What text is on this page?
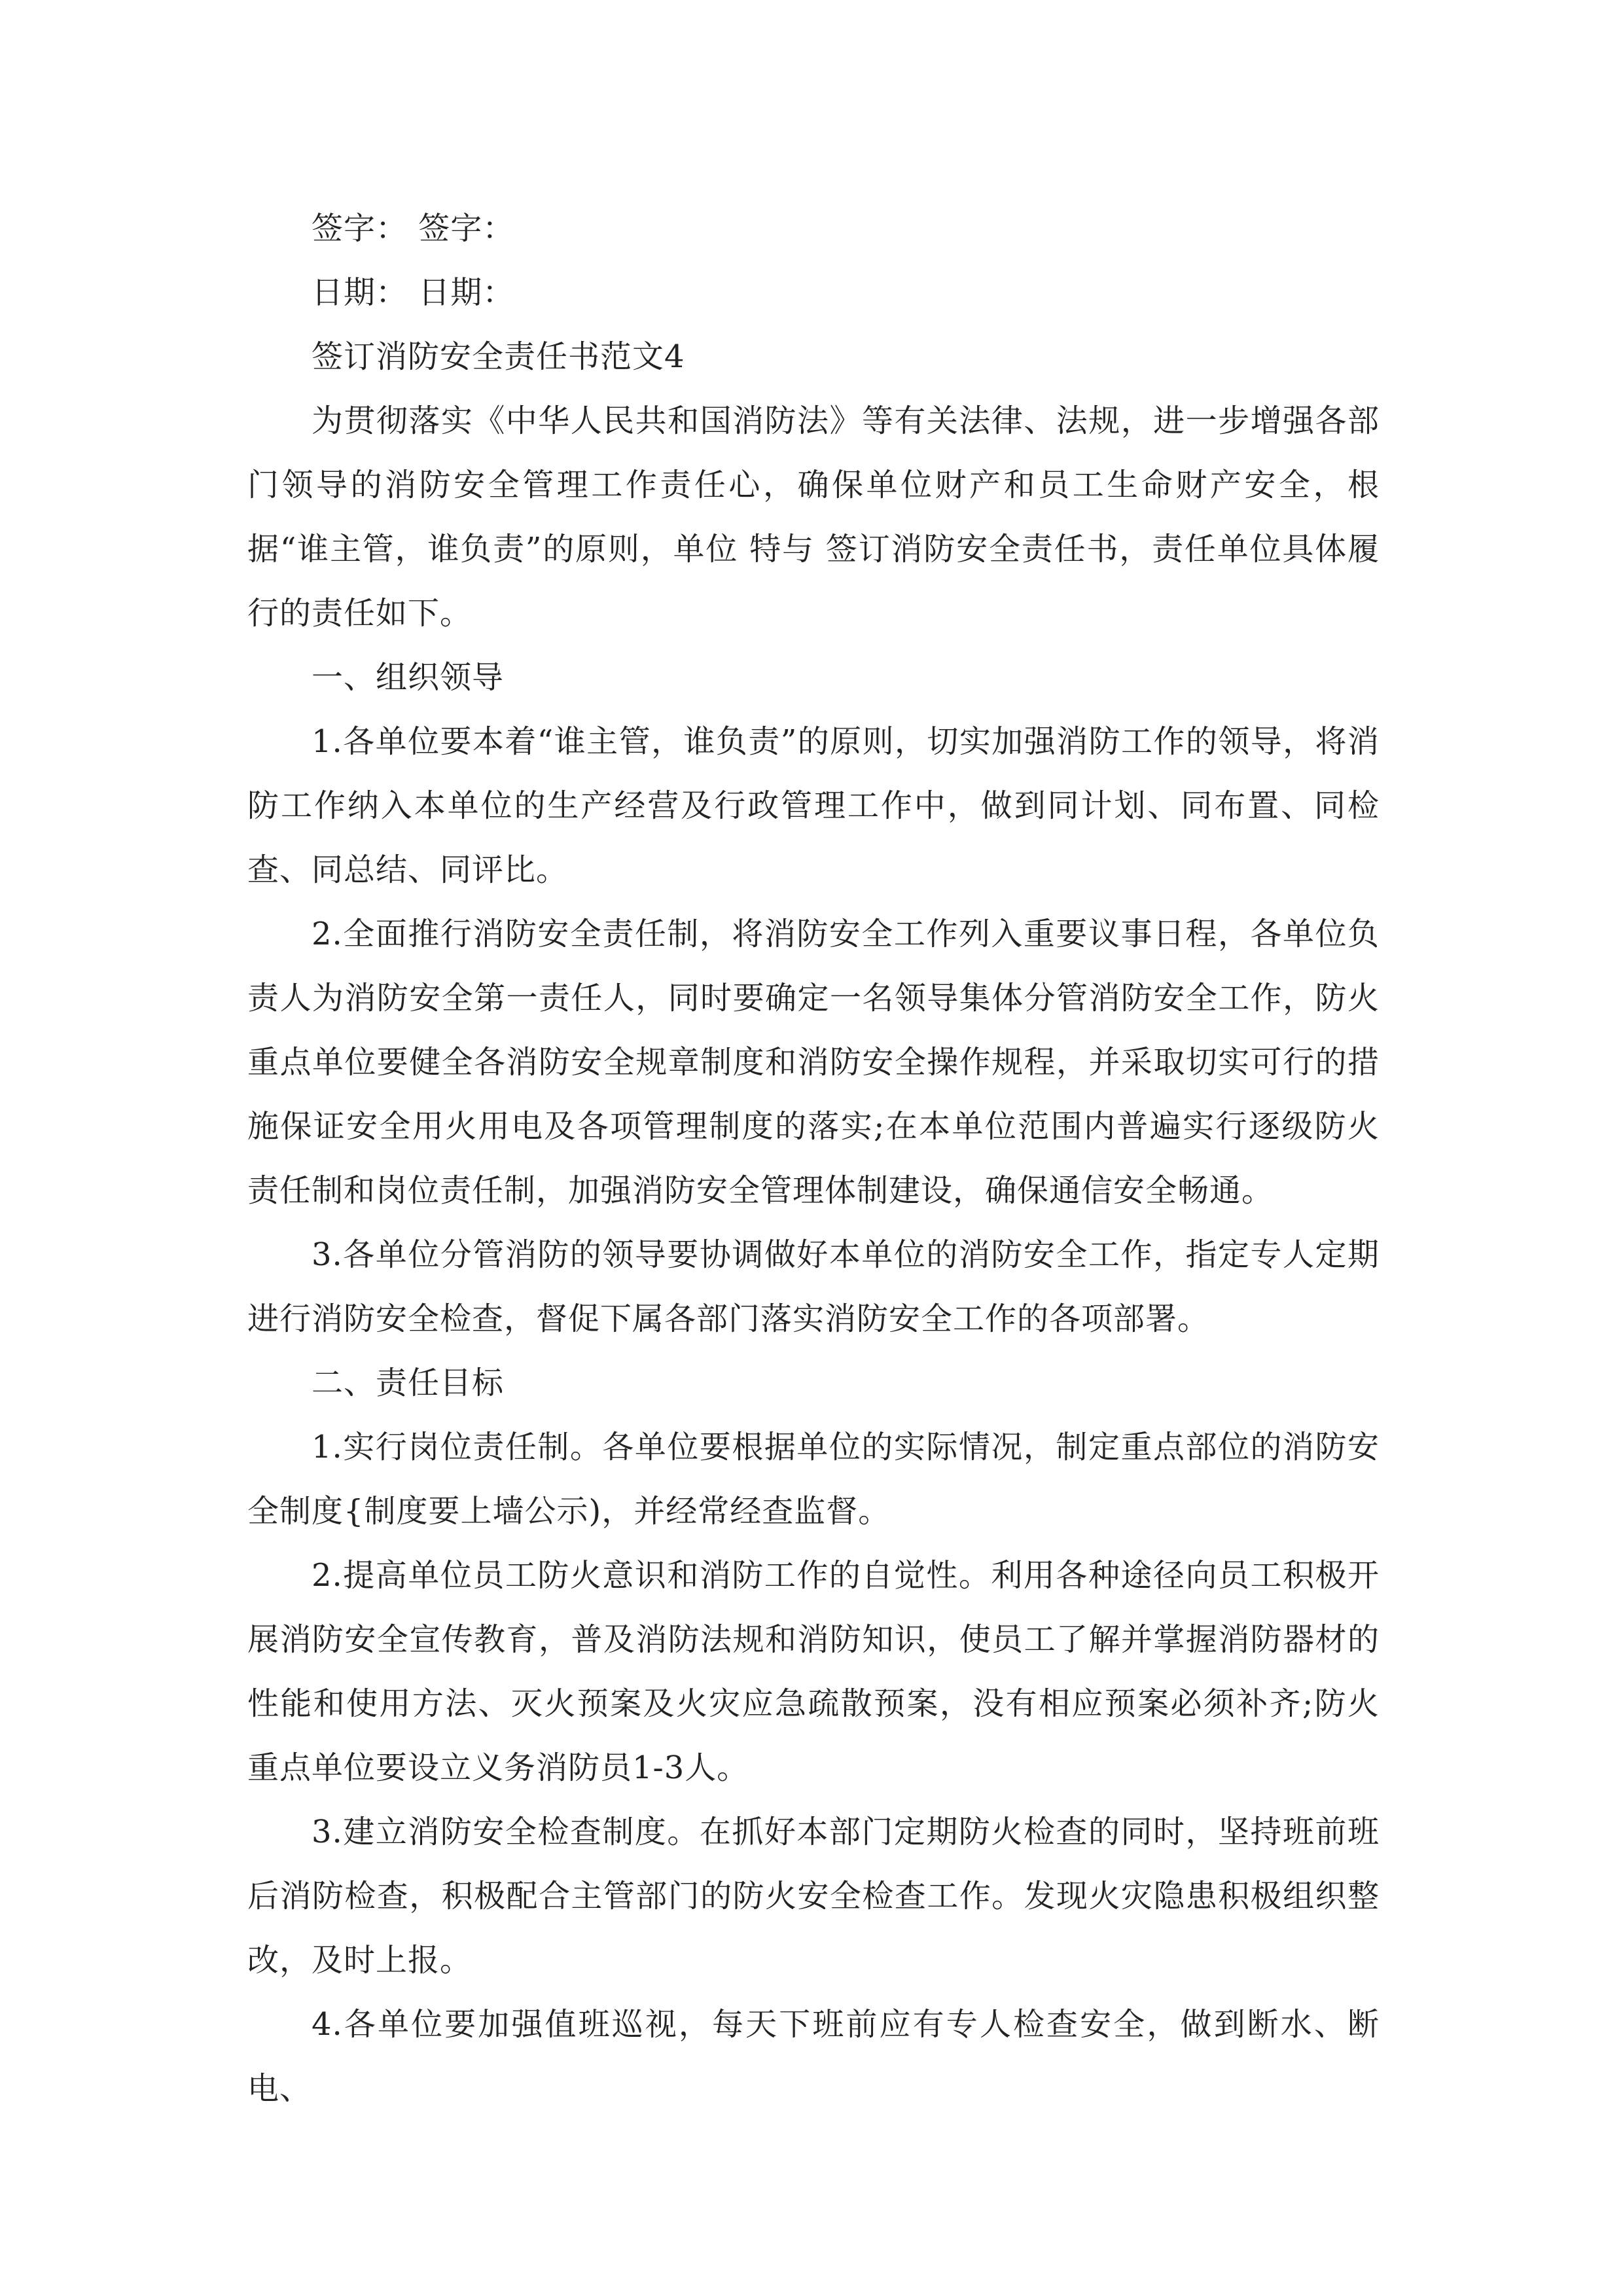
签字： 签字：

日期： 日期：

签订消防安全责任书范文4

为贯彻落实《中华人民共和国消防法》等有关法律、法规，进一步增强各部门领导的消防安全管理工作责任心，确保单位财产和员工生命财产安全，根据“谁主管，谁负责”的原则，单位 特与 签订消防安全责任书，责任单位具体履行的责任如下。

一、组织领导

1.各单位要本着“谁主管，谁负责”的原则，切实加强消防工作的领导，将消防工作纳入本单位的生产经营及行政管理工作中，做到同计划、同布置、同检查、同总结、同评比。

2.全面推行消防安全责任制，将消防安全工作列入重要议事日程，各单位负责人为消防安全第一责任人，同时要确定一名领导集体分管消防安全工作，防火重点单位要健全各消防安全规章制度和消防安全操作规程，并采取切实可行的措施保证安全用火用电及各项管理制度的落实;在本单位范围内普遍实行逐级防火责任制和岗位责任制，加强消防安全管理体制建设，确保通信安全畅通。

3.各单位分管消防的领导要协调做好本单位的消防安全工作，指定专人定期进行消防安全检查，督促下属各部门落实消防安全工作的各项部署。

二、责任目标

1.实行岗位责任制。各单位要根据单位的实际情况，制定重点部位的消防安全制度{制度要上墙公示)，并经常经查监督。

2.提高单位员工防火意识和消防工作的自觉性。利用各种途径向员工积极开展消防安全宣传教育，普及消防法规和消防知识，使员工了解并掌握消防器材的性能和使用方法、灭火预案及火灾应急疏散预案，没有相应预案必须补齐;防火重点单位要设立义务消防员1-3人。

3.建立消防安全检查制度。在抓好本部门定期防火检查的同时，坚持班前班后消防检查，积极配合主管部门的防火安全检查工作。发现火灾隐患积极组织整改，及时上报。

4.各单位要加强值班巡视，每天下班前应有专人检查安全，做到断水、断电、
